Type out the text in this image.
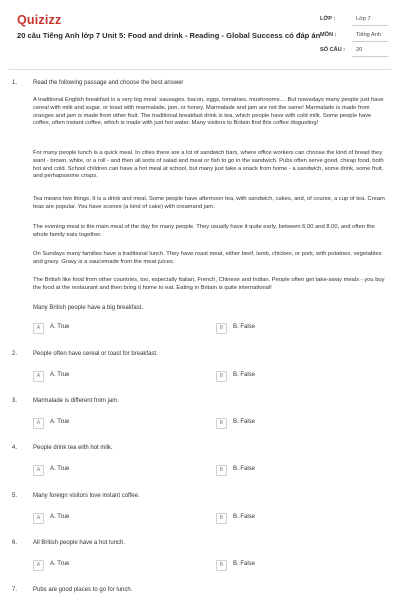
Quizizz
20 câu Tiếng Anh lớp 7 Unit 5: Food and drink - Reading - Global Success có đáp án
LỚP :	Lớp 7
MÔN :	Tiếng Anh
SỐ CÂU : 20
1.	Read the following passage and choose the best answer
A traditional English breakfast is a very big meal: sausages, bacon, eggs, tomatoes, mushrooms.... But nowadays many people just have cereal with milk and sugar, or toast with marmalade, jam, or honey. Marmalade and jam are not the same! Marmalade is made from oranges and jam is made from other fruit. The traditional breakfast drink is tea, which people have with cold milk. Some people have coffee, often instant coffee, which is made with just hot water. Many visitors to Britain find this coffee disgusting!
For many people lunch is a quick meal. In cities there are a lot of sandwich bars, where office workers can choose the kind of bread they want - brown, white, or a roll - and then all sorts of salad and meat or fish to go in the sandwich. Pubs often serve good, cheap food, both hot and cold. School children can have a hot meal at school, but many just take a snack from home - a sandwich, some drink, some fruit, and perhapssome crisps.
Tea means two things. It is a drink and meal. Some people have afternoon tea, with sandwich, cakes, and, of course, a cup of tea. Cream teas are popular. You have scones (a kind of cake) with creamand jam.
The evening meal is the main meal of the day for many people. They usually have it quite early, between 6.00 and 8.00, and often the whole family eats together.
On Sundays many families have a traditional lunch. They have roast meat, either beef, lamb, chicken, or pork, with potatoes, vegetables and gravy. Gravy is a saucemade from the meat juices.
The British like food from other countries, too, especially Italian, French, Chinese and Indian. People often get take-away meals - you buy the food at the restaurant and then bring it home to eat. Eating in Britain is quite international!
Many British people have a big breakfast.
A	A. True	B	B. False
2.	People often have cereal or toast for breakfast.
A	A. True	B	B. False
3.	Marmalade is different from jam.
A	A. True	B	B. False
4.	People drink tea with hot milk.
A	A. True	B	B. False
5.	Many foreign visitors love instant coffee.
A	A. True	B	B. False
6.	All British people have a hot lunch.
A	A. True	B	B. False
7.	Pubs are good places to go for lunch.
